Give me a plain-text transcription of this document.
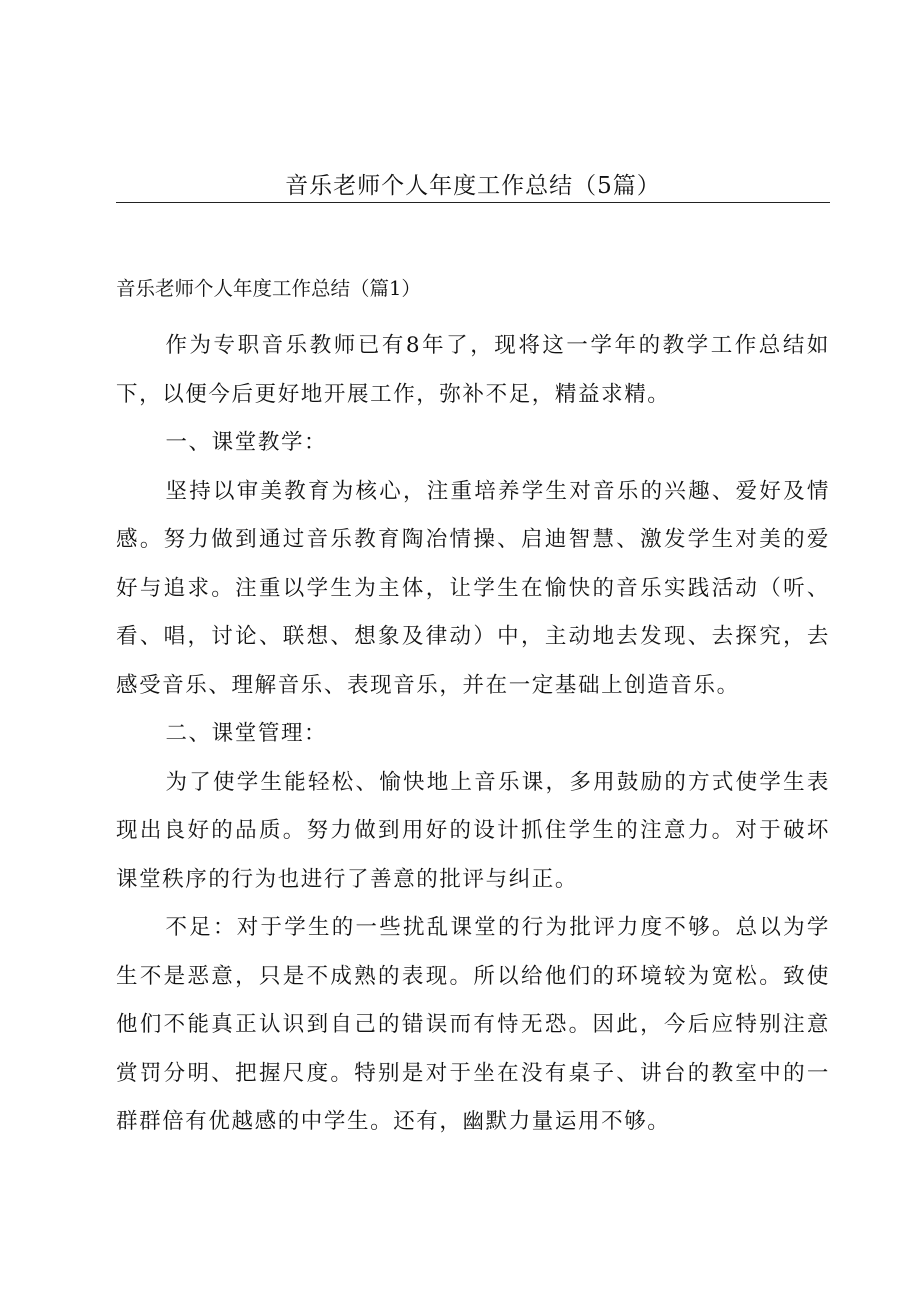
音乐老师个人年度工作总结（5篇）
音乐老师个人年度工作总结（篇1）

作为专职音乐教师已有8年了，现将这一学年的教学工作总结如下，以便今后更好地开展工作，弥补不足，精益求精。

一、课堂教学：

坚持以审美教育为核心，注重培养学生对音乐的兴趣、爱好及情感。努力做到通过音乐教育陶冶情操、启迪智慧、激发学生对美的爱好与追求。注重以学生为主体，让学生在愉快的音乐实践活动（听、看、唱，讨论、联想、想象及律动）中，主动地去发现、去探究，去感受音乐、理解音乐、表现音乐，并在一定基础上创造音乐。

二、课堂管理：

为了使学生能轻松、愉快地上音乐课，多用鼓励的方式使学生表现出良好的品质。努力做到用好的设计抓住学生的注意力。对于破坏课堂秩序的行为也进行了善意的批评与纠正。

不足：对于学生的一些扰乱课堂的行为批评力度不够。总以为学生不是恶意，只是不成熟的表现。所以给他们的环境较为宽松。致使他们不能真正认识到自己的错误而有恃无恐。因此，今后应特别注意赏罚分明、把握尺度。特别是对于坐在没有桌子、讲台的教室中的一群群倍有优越感的中学生。还有，幽默力量运用不够。
